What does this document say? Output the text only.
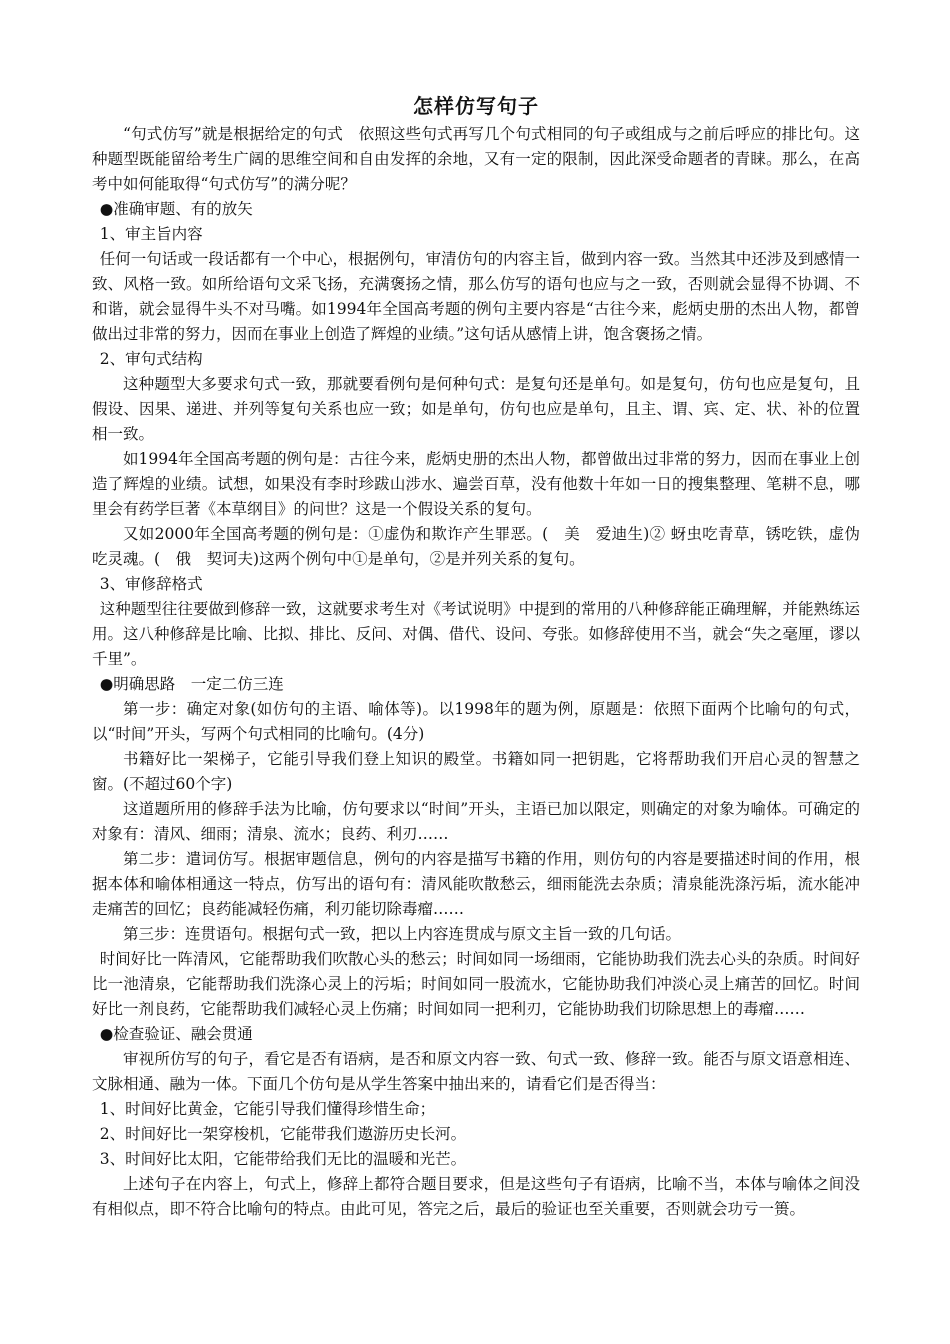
怎样仿写句子

“句式仿写”就是根据给定的句式　依照这些句式再写几个句式相同的句子或组成与之前后呼应的排比句。这种题型既能留给考生广阔的思维空间和自由发挥的余地，又有一定的限制，因此深受命题者的青睐。那么，在高考中如何能取得“句式仿写”的满分呢？

●准确审题、有的放矢

1、审主旨内容

任何一句话或一段话都有一个中心，根据例句，审清仿句的内容主旨，做到内容一致。当然其中还涉及到感情一致、风格一致。如所给语句文采飞扬，充满褒扬之情，那么仿写的语句也应与之一致，否则就会显得不协调、不和谐，就会显得牛头不对马嘴。如1994年全国高考题的例句主要内容是“古往今来，彪炳史册的杰出人物，都曾做出过非常的努力，因而在事业上创造了辉煌的业绩。”这句话从感情上讲，饱含褒扬之情。

2、审句式结构

这种题型大多要求句式一致，那就要看例句是何种句式：是复句还是单句。如是复句，仿句也应是复句，且假设、因果、递进、并列等复句关系也应一致；如是单句，仿句也应是单句，且主、谓、宾、定、状、补的位置相一致。

如1994年全国高考题的例句是：古往今来，彪炳史册的杰出人物，都曾做出过非常的努力，因而在事业上创造了辉煌的业绩。试想，如果没有李时珍跋山涉水、遍尝百草，没有他数十年如一日的搜集整理、笔耕不息，哪里会有药学巨著《本草纲目》的问世？这是一个假设关系的复句。

又如2000年全国高考题的例句是：①虚伪和欺诈产生罪恶。(　美　爱迪生)② 蚜虫吃青草，锈吃铁，虚伪吃灵魂。(　俄　契诃夫)这两个例句中①是单句，②是并列关系的复句。

3、审修辞格式

这种题型往往要做到修辞一致，这就要求考生对《考试说明》中提到的常用的八种修辞能正确理解，并能熟练运用。这八种修辞是比喻、比拟、排比、反问、对偶、借代、设问、夸张。如修辞使用不当，就会“失之毫厘，谬以千里”。

●明确思路　一定二仿三连

第一步：确定对象(如仿句的主语、喻体等)。以1998年的题为例，原题是：依照下面两个比喻句的句式，以“时间”开头，写两个句式相同的比喻句。(4分)

书籍好比一架梯子，它能引导我们登上知识的殿堂。书籍如同一把钥匙，它将帮助我们开启心灵的智慧之窗。(不超过60个字)

这道题所用的修辞手法为比喻，仿句要求以“时间”开头，主语已加以限定，则确定的对象为喻体。可确定的对象有：清风、细雨；清泉、流水；良药、利刃……

第二步：遣词仿写。根据审题信息，例句的内容是描写书籍的作用，则仿句的内容是要描述时间的作用，根据本体和喻体相通这一特点，仿写出的语句有：清风能吹散愁云，细雨能洗去杂质；清泉能洗涤污垢，流水能冲走痛苦的回忆；良药能减轻伤痛，利刃能切除毒瘤……

第三步：连贯语句。根据句式一致，把以上内容连贯成与原文主旨一致的几句话。

时间好比一阵清风，它能帮助我们吹散心头的愁云；时间如同一场细雨，它能协助我们洗去心头的杂质。时间好比一池清泉，它能帮助我们洗涤心灵上的污垢；时间如同一股流水，它能协助我们冲淡心灵上痛苦的回忆。时间好比一剂良药，它能帮助我们减轻心灵上伤痛；时间如同一把利刃，它能协助我们切除思想上的毒瘤……

●检查验证、融会贯通

审视所仿写的句子，看它是否有语病，是否和原文内容一致、句式一致、修辞一致。能否与原文语意相连、文脉相通、融为一体。下面几个仿句是从学生答案中抽出来的，请看它们是否得当：

1、时间好比黄金，它能引导我们懂得珍惜生命；

2、时间好比一架穿梭机，它能带我们遨游历史长河。

3、时间好比太阳，它能带给我们无比的温暖和光芒。

上述句子在内容上，句式上，修辞上都符合题目要求，但是这些句子有语病，比喻不当，本体与喻体之间没有相似点，即不符合比喻句的特点。由此可见，答完之后，最后的验证也至关重要，否则就会功亏一篑。
